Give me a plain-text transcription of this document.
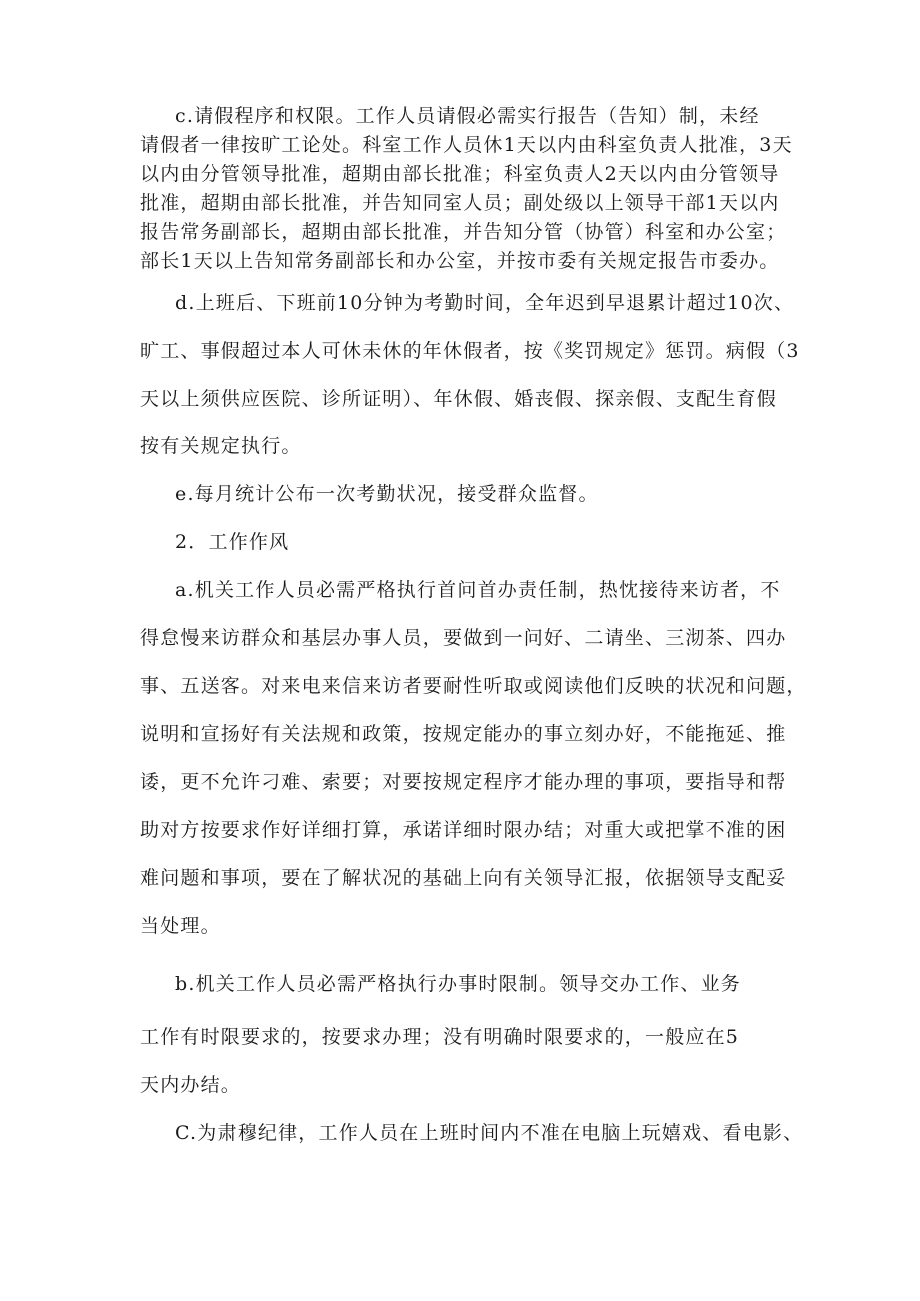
c.请假程序和权限。工作人员请假必需实行报告（告知）制，未经
请假者一律按旷工论处。科室工作人员休1天以内由科室负责人批准，3天
以内由分管领导批准，超期由部长批准；科室负责人2天以内由分管领导
批准，超期由部长批准，并告知同室人员；副处级以上领导干部1天以内
报告常务副部长，超期由部长批准，并告知分管（协管）科室和办公室；
部长1天以上告知常务副部长和办公室，并按市委有关规定报告市委办。
d.上班后、下班前10分钟为考勤时间，全年迟到早退累计超过10次、
旷工、事假超过本人可休未休的年休假者，按《奖罚规定》惩罚。病假（3
天以上须供应医院、诊所证明）、年休假、婚丧假、探亲假、支配生育假
按有关规定执行。
e.每月统计公布一次考勤状况，接受群众监督。
2．工作作风
a.机关工作人员必需严格执行首问首办责任制，热忱接待来访者，不
得怠慢来访群众和基层办事人员，要做到一问好、二请坐、三沏茶、四办
事、五送客。对来电来信来访者要耐性听取或阅读他们反映的状况和问题，
说明和宣扬好有关法规和政策，按规定能办的事立刻办好，不能拖延、推
诿，更不允许刁难、索要；对要按规定程序才能办理的事项，要指导和帮
助对方按要求作好详细打算，承诺详细时限办结；对重大或把掌不准的困
难问题和事项，要在了解状况的基础上向有关领导汇报，依据领导支配妥
当处理。
b.机关工作人员必需严格执行办事时限制。领导交办工作、业务
工作有时限要求的，按要求办理；没有明确时限要求的，一般应在5
天内办结。
C.为肃穆纪律，工作人员在上班时间内不准在电脑上玩嬉戏、看电影、
